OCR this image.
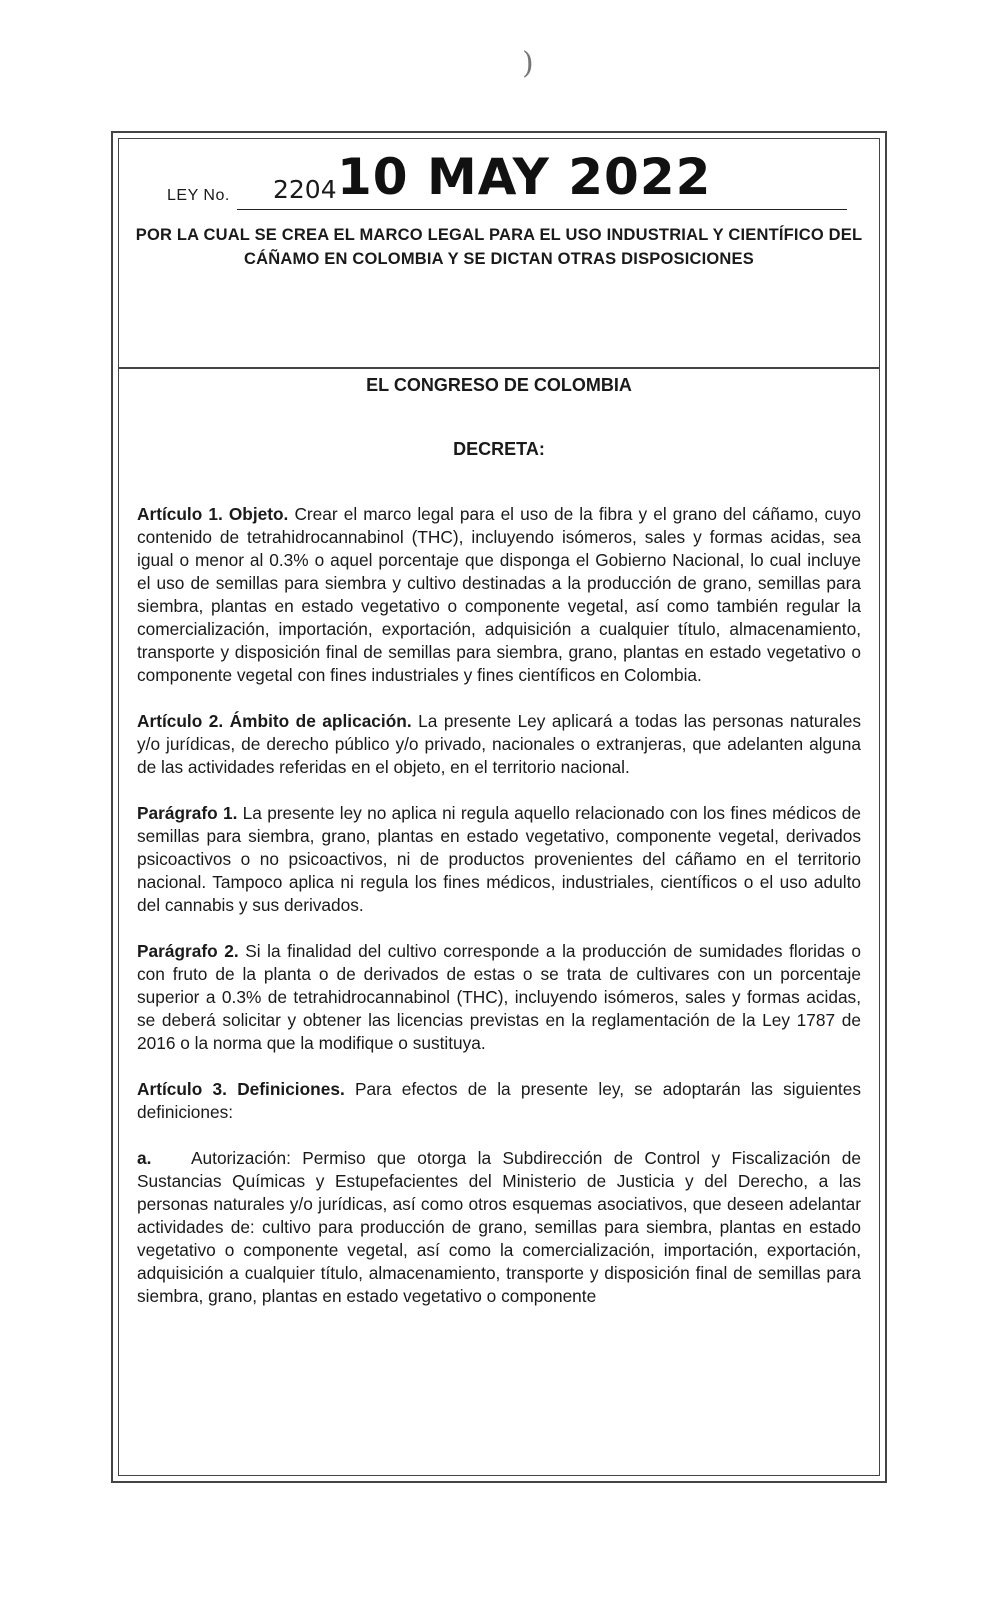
)
LEY No. 2204 10 MAY 2022
POR LA CUAL SE CREA EL MARCO LEGAL PARA EL USO INDUSTRIAL Y CIENTÍFICO DEL CÁÑAMO EN COLOMBIA Y SE DICTAN OTRAS DISPOSICIONES
EL CONGRESO DE COLOMBIA
DECRETA:

Artículo 1. Objeto. Crear el marco legal para el uso de la fibra y el grano del cáñamo, cuyo contenido de tetrahidrocannabinol (THC), incluyendo isómeros, sales y formas acidas, sea igual o menor al 0.3% o aquel porcentaje que disponga el Gobierno Nacional, lo cual incluye el uso de semillas para siembra y cultivo destinadas a la producción de grano, semillas para siembra, plantas en estado vegetativo o componente vegetal, así como también regular la comercialización, importación, exportación, adquisición a cualquier título, almacenamiento, transporte y disposición final de semillas para siembra, grano, plantas en estado vegetativo o componente vegetal con fines industriales y fines científicos en Colombia.

Artículo 2. Ámbito de aplicación. La presente Ley aplicará a todas las personas naturales y/o jurídicas, de derecho público y/o privado, nacionales o extranjeras, que adelanten alguna de las actividades referidas en el objeto, en el territorio nacional.

Parágrafo 1. La presente ley no aplica ni regula aquello relacionado con los fines médicos de semillas para siembra, grano, plantas en estado vegetativo, componente vegetal, derivados psicoactivos o no psicoactivos, ni de productos provenientes del cáñamo en el territorio nacional. Tampoco aplica ni regula los fines médicos, industriales, científicos o el uso adulto del cannabis y sus derivados.

Parágrafo 2. Si la finalidad del cultivo corresponde a la producción de sumidades floridas o con fruto de la planta o de derivados de estas o se trata de cultivares con un porcentaje superior a 0.3% de tetrahidrocannabinol (THC), incluyendo isómeros, sales y formas acidas, se deberá solicitar y obtener las licencias previstas en la reglamentación de la Ley 1787 de 2016 o la norma que la modifique o sustituya.

Artículo 3. Definiciones. Para efectos de la presente ley, se adoptarán las siguientes definiciones:

a. Autorización: Permiso que otorga la Subdirección de Control y Fiscalización de Sustancias Químicas y Estupefacientes del Ministerio de Justicia y del Derecho, a las personas naturales y/o jurídicas, así como otros esquemas asociativos, que deseen adelantar actividades de: cultivo para producción de grano, semillas para siembra, plantas en estado vegetativo o componente vegetal, así como la comercialización, importación, exportación, adquisición a cualquier título, almacenamiento, transporte y disposición final de semillas para siembra, grano, plantas en estado vegetativo o componente
